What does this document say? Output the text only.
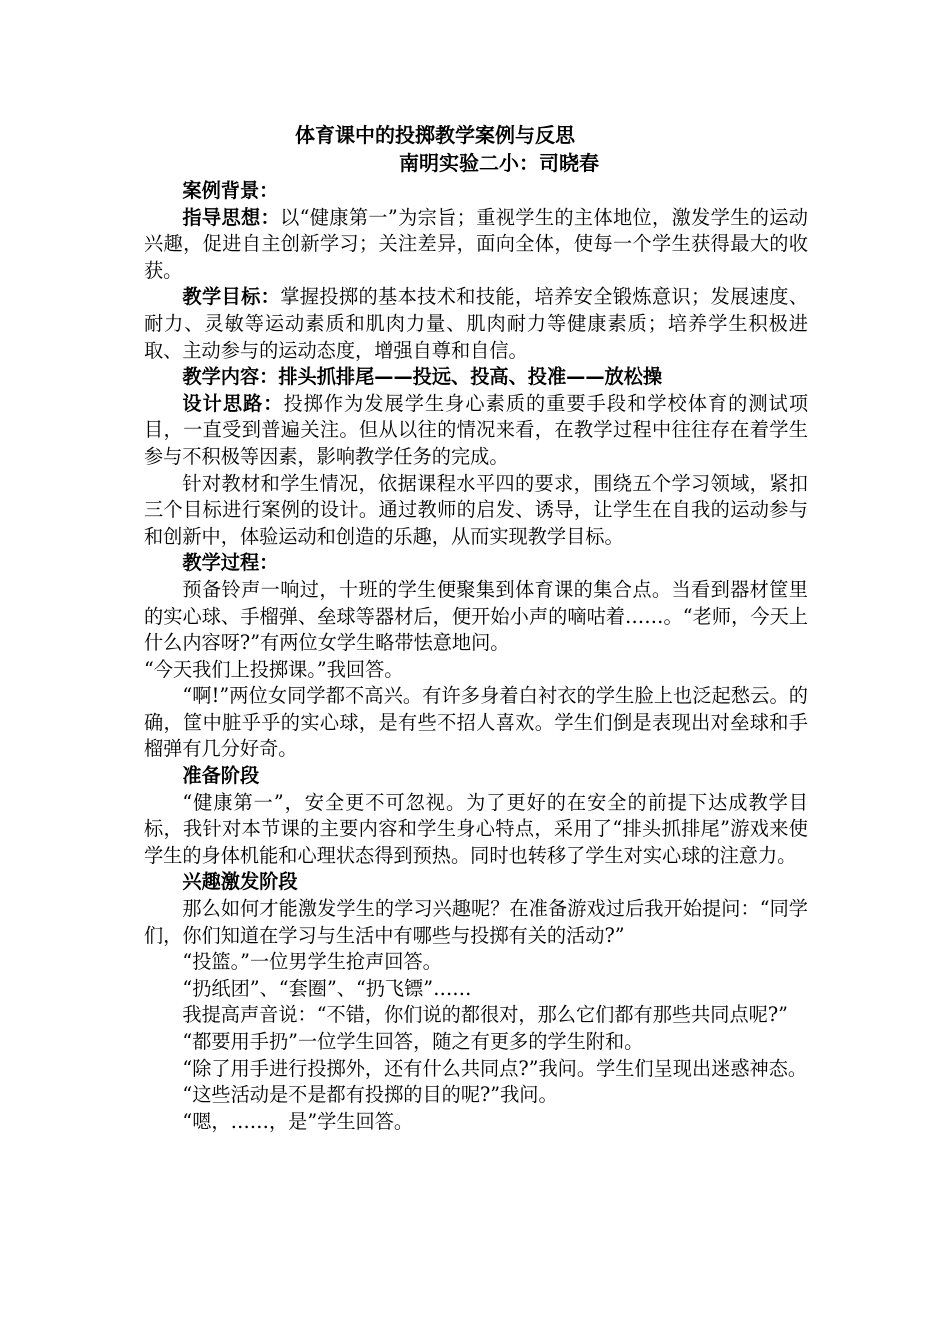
体育课中的投掷教学案例与反思
南明实验二小：司晓春

案例背景：

指导思想：以“健康第一”为宗旨；重视学生的主体地位，激发学生的运动兴趣，促进自主创新学习；关注差异，面向全体，使每一个学生获得最大的收获。

教学目标：掌握投掷的基本技术和技能，培养安全锻炼意识；发展速度、耐力、灵敏等运动素质和肌肉力量、肌肉耐力等健康素质；培养学生积极进取、主动参与的运动态度，增强自尊和自信。

教学内容：排头抓排尾——投远、投高、投准——放松操

设计思路：投掷作为发展学生身心素质的重要手段和学校体育的测试项目，一直受到普遍关注。但从以往的情况来看，在教学过程中往往存在着学生参与不积极等因素，影响教学任务的完成。

针对教材和学生情况，依据课程水平四的要求，围绕五个学习领域，紧扣三个目标进行案例的设计。通过教师的启发、诱导，让学生在自我的运动参与和创新中，体验运动和创造的乐趣，从而实现教学目标。

教学过程：

预备铃声一响过，十班的学生便聚集到体育课的集合点。当看到器材筐里的实心球、手榴弹、垒球等器材后，便开始小声的嘀咕着……。“老师，今天上什么内容呀?”有两位女学生略带怯意地问。

“今天我们上投掷课。”我回答。

“啊!”两位女同学都不高兴。有许多身着白衬衣的学生脸上也泛起愁云。的确，筐中脏乎乎的实心球，是有些不招人喜欢。学生们倒是表现出对垒球和手榴弹有几分好奇。

准备阶段

“健康第一”，安全更不可忽视。为了更好的在安全的前提下达成教学目标，我针对本节课的主要内容和学生身心特点，采用了“排头抓排尾”游戏来使学生的身体机能和心理状态得到预热。同时也转移了学生对实心球的注意力。

兴趣激发阶段

那么如何才能激发学生的学习兴趣呢？在准备游戏过后我开始提问：“同学们，你们知道在学习与生活中有哪些与投掷有关的活动?”

“投篮。”一位男学生抢声回答。

“扔纸团”、“套圈”、“扔飞镖”……

我提高声音说：“不错，你们说的都很对，那么它们都有那些共同点呢?”

“都要用手扔”一位学生回答，随之有更多的学生附和。

“除了用手进行投掷外，还有什么共同点?”我问。学生们呈现出迷惑神态。

“这些活动是不是都有投掷的目的呢?”我问。

“嗯，……，是”学生回答。
